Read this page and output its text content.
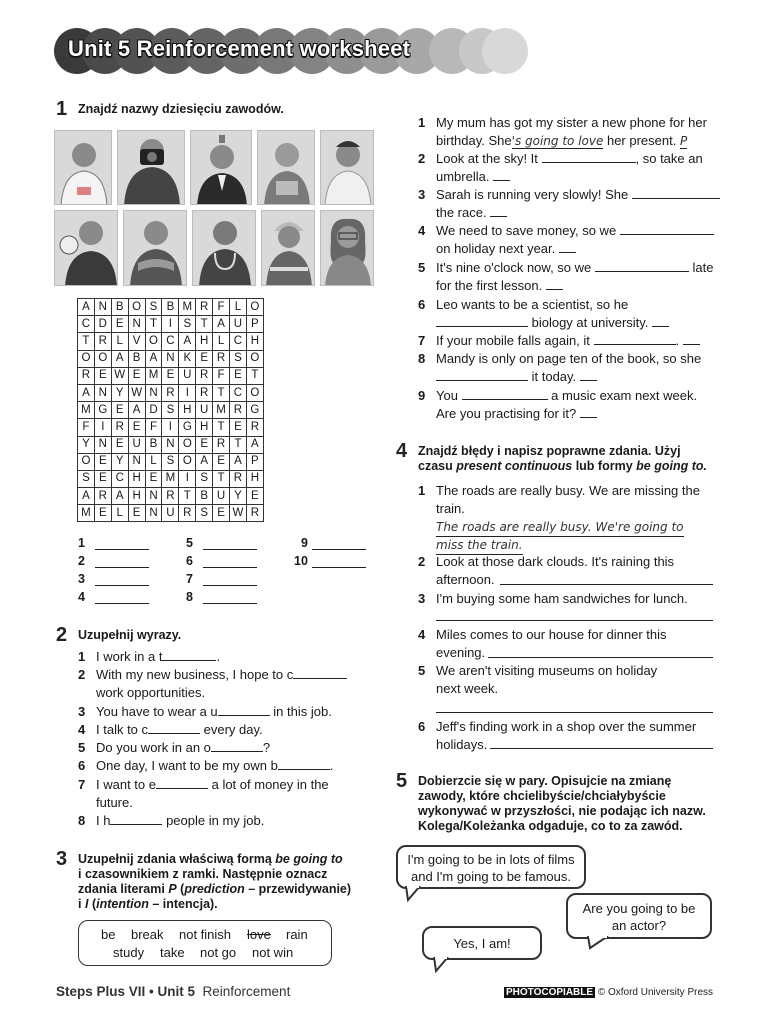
Unit 5 Reinforcement worksheet
1 Znajdź nazwy dziesięciu zawodów.
A	N	B	O	S	B	M	R	F	L	O
C	D	E	N	T	I	S	T	A	U	P
T	R	L	V	O	C	A	H	L	C	H
O	O	A	B	A	N	K	E	R	S	O
R	E	W	E	M	E	U	R	F	E	T
A	N	Y	W	N	R	I	R	T	C	O
M	G	E	A	D	S	H	U	M	R	G
F	I	R	E	F	I	G	H	T	E	R
Y	N	E	U	B	N	O	E	R	T	A
O	E	Y	N	L	S	O	A	E	A	P
S	E	C	H	E	M	I	S	T	R	H
A	R	A	H	N	R	T	B	U	Y	E
M	E	L	E	N	U	R	S	E	W	R
1
2
3
4
5
6
7
8
9
10
2 Uzupełnij wyrazy.
1 I work in a t	.
2 With my new business, I hope to c
work opportunities.
3 You have to wear a u	in this job.
4 I talk to c	every day.
5 Do you work in an o	?
6 One day, I want to be my own b	.
7 I want to e	a lot of money in the
future.
8 I h	people in my job.
3 Uzupełnij zdania właściwą formą be going to
i czasownikiem z ramki. Następnie oznacz
zdania literami P (prediction – przewidywanie)
i I (intention – intencja).
be break not finish love rain
study take not go not win
1 My mum has got my sister a new phone for her
birthday. She's going to love her present. P
2 Look at the sky! It	, so take an
umbrella.
3 Sarah is running very slowly! She
the race.
4 We need to save money, so we
on holiday next year.
5 It's nine o'clock now, so we	late
for the first lesson.
6 Leo wants to be a scientist, so he
biology at university.
7 If your mobile falls again, it	.
8 Mandy is only on page ten of the book, so she
it today.
9 You	a music exam next week.
Are you practising for it?
4 Znajdź błędy i napisz poprawne zdania. Użyj
czasu present continuous lub formy be going to.
1 The roads are really busy. We are missing the
train.
The roads are really busy. We're going to
miss the train.
2 Look at those dark clouds. It's raining this
afternoon.
3 I'm buying some ham sandwiches for lunch.
4 Miles comes to our house for dinner this
evening.
5 We aren't visiting museums on holiday
next week.
6 Jeff's finding work in a shop over the summer
holidays.
5 Dobierzcie się w pary. Opisujcie na zmianę
zawody, które chcielibyście/chciałybyście
wykonywać w przyszłości, nie podając ich nazw.
Kolega/Koleżanka odgaduje, co to za zawód.
I'm going to be in lots of films
and I'm going to be famous.
Are you going to be
an actor?
Yes, I am!
Steps Plus VII • Unit 5 Reinforcement	PHOTOCOPIABLE © Oxford University Press
